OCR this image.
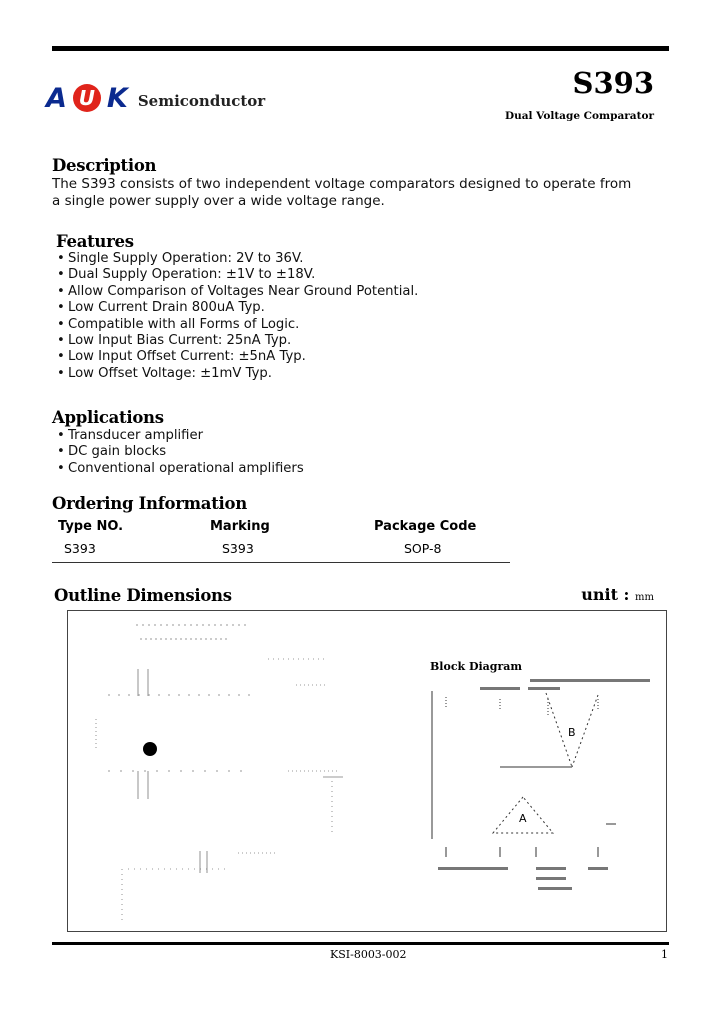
A U K Semiconductor
S393
Dual Voltage Comparator
Description
The S393 consists of two independent voltage comparators designed to operate from
a single power supply over a wide voltage range.
Features
• Single Supply Operation: 2V to 36V.
• Dual Supply Operation: ±1V to ±18V.
• Allow Comparison of Voltages Near Ground Potential.
• Low Current Drain 800uA Typ.
• Compatible with all Forms of Logic.
• Low Input Bias Current: 25nA Typ.
• Low Input Offset Current: ±5nA Typ.
• Low Offset Voltage: ±1mV Typ.
Applications
• Transducer amplifier
• DC gain blocks
• Conventional operational amplifiers
Ordering Information
Type NO.	Marking	Package Code
S393	S393	SOP-8
Outline Dimensions	unit : mm
Block Diagram
B
A
KSI-8003-002	1
